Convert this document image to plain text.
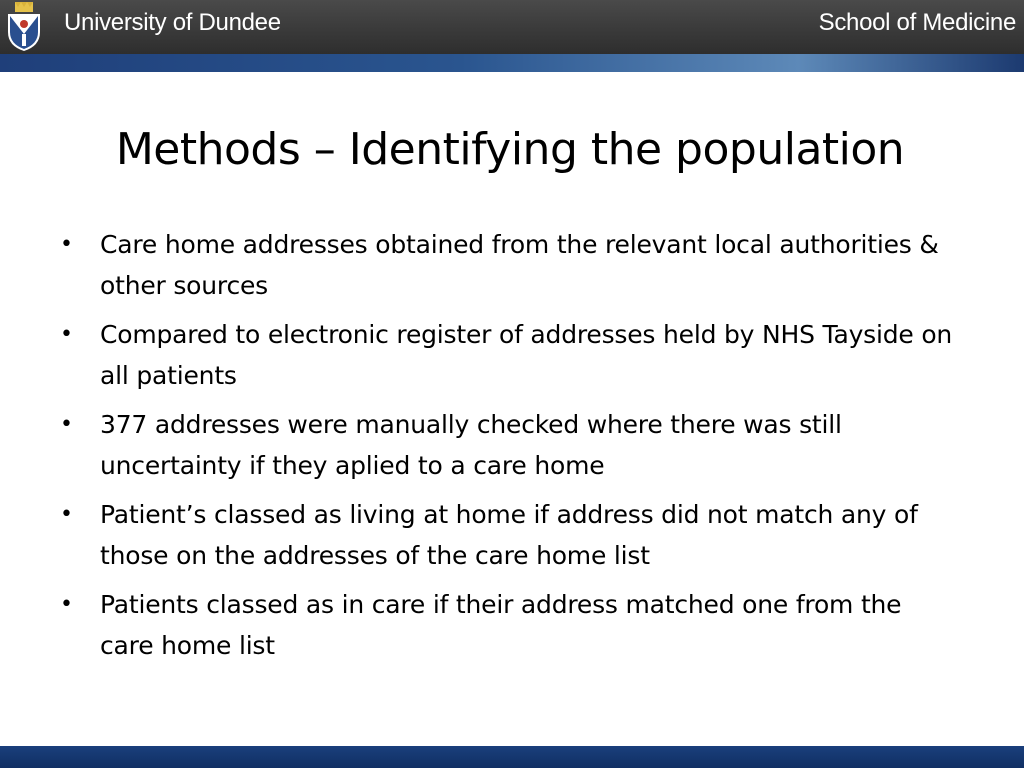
University of Dundee	School of Medicine
Methods – Identifying the population
• Care home addresses obtained from the relevant local authorities & other sources
• Compared to electronic register of addresses held by NHS Tayside on all patients
• 377 addresses were manually checked where there was still uncertainty if they aplied to a care home
• Patient’s classed as living at home if address did not match any of those on the addresses of the care home list
• Patients classed as in care if their address matched one from the care home list
